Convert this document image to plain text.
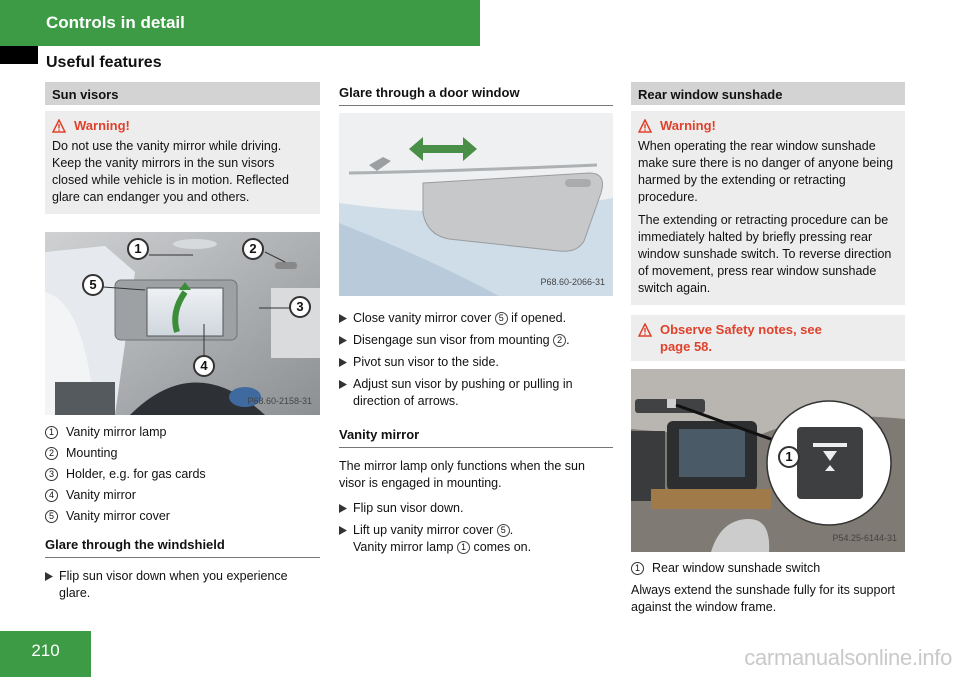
Controls in detail
Useful features
Sun visors
Warning!

Do not use the vanity mirror while driving. Keep the vanity mirrors in the sun visors closed while vehicle is in motion. Reflected glare can endanger you and others.

1	2
3
4
5
P68.60-2158-31
1 Vanity mirror lamp
2 Mounting
3 Holder, e.g. for gas cards
4 Vanity mirror
5 Vanity mirror cover
Glare through the windshield
Flip sun visor down when you experience glare.
Glare through a door window
P68.60-2066-31
Close vanity mirror cover 5 if opened.
Disengage sun visor from mounting 2 .
Pivot sun visor to the side.
Adjust sun visor by pushing or pulling in direction of arrows.
Vanity mirror

The mirror lamp only functions when the sun visor is engaged in mounting.

Flip sun visor down.
Lift up vanity mirror cover 5 .
Vanity mirror lamp 1 comes on.
Rear window sunshade
Warning!

When operating the rear window sunshade make sure there is no danger of anyone being harmed by the extending or retracting procedure.

The extending or retracting procedure can be immediately halted by briefly pressing rear window sunshade switch. To reverse direction of movement, press rear window sunshade switch again.

Observe Safety notes, see
page 58.
1
P54.25-6144-31
1 Rear window sunshade switch

Always extend the sunshade fully for its support against the window frame.

210	carmanualsonline.info
